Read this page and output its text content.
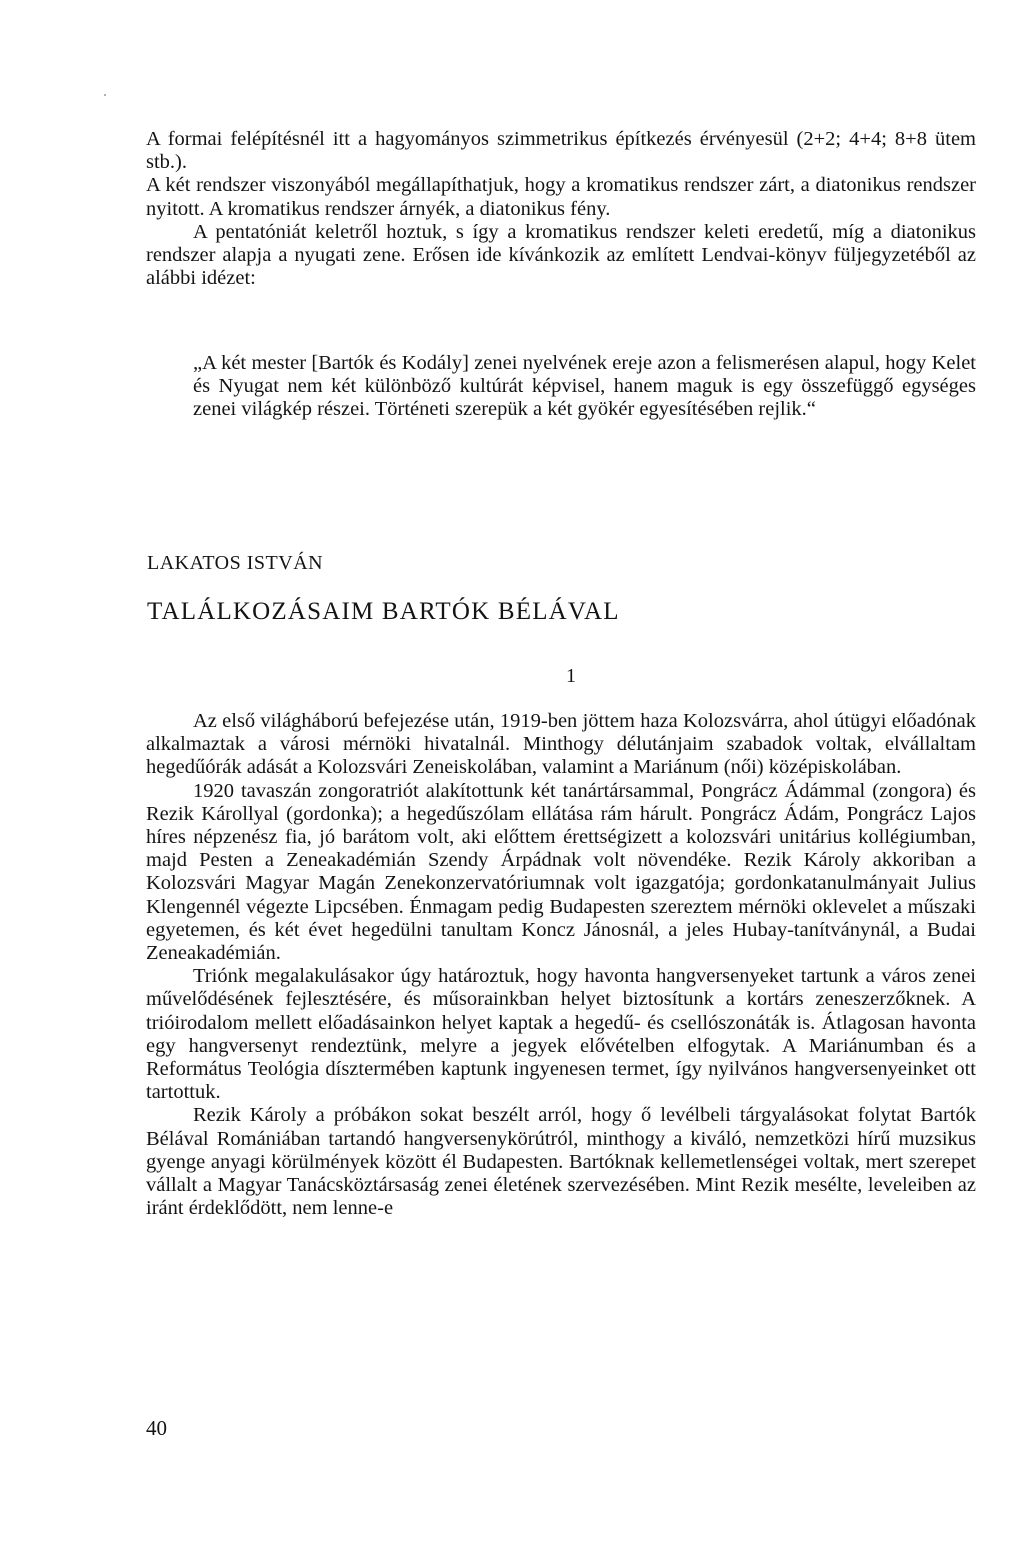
A formai felépítésnél itt a hagyományos szimmetrikus építkezés érvényesül (2+2; 4+4; 8+8 ütem stb.).

A két rendszer viszonyából megállapíthatjuk, hogy a kromatikus rendszer zárt, a diatonikus rendszer nyitott. A kromatikus rendszer árnyék, a diatonikus fény.

A pentatóniát keletről hoztuk, s így a kromatikus rendszer keleti eredetű, míg a diatonikus rendszer alapja a nyugati zene. Erősen ide kívánkozik az említett Lendvai-könyv füljegyzetéből az alábbi idézet:

„A két mester [Bartók és Kodály] zenei nyelvének ereje azon a felismerésen alapul, hogy Kelet és Nyugat nem két különböző kultúrát képvisel, hanem maguk is egy összefüggő egységes zenei világkép részei. Történeti szerepük a két gyökér egyesítésében rejlik.“

LAKATOS ISTVÁN
TALÁLKOZÁSAIM BARTÓK BÉLÁVAL
1

Az első világháború befejezése után, 1919-ben jöttem haza Kolozsvárra, ahol útügyi előadónak alkalmaztak a városi mérnöki hivatalnál. Minthogy délutánjaim szabadok voltak, elvállaltam hegedűórák adását a Kolozsvári Zeneiskolában, valamint a Mariánum (női) középiskolában.

1920 tavaszán zongoratriót alakítottunk két tanártársammal, Pongrácz Ádámmal (zongora) és Rezik Károllyal (gordonka); a hegedűszólam ellátása rám hárult. Pongrácz Ádám, Pongrácz Lajos híres népzenész fia, jó barátom volt, aki előttem érettségizett a kolozsvári unitárius kollégiumban, majd Pesten a Zeneakadémián Szendy Árpádnak volt növendéke. Rezik Károly akkoriban a Kolozsvári Magyar Magán Zenekonzervatóriumnak volt igazgatója; gordonkatanulmányait Julius Klengennél végezte Lipcsében. Énmagam pedig Budapesten szereztem mérnöki oklevelet a műszaki egyetemen, és két évet hegedülni tanultam Koncz Jánosnál, a jeles Hubay-tanítványnál, a Budai Zeneakadémián.

Triónk megalakulásakor úgy határoztuk, hogy havonta hangversenyeket tartunk a város zenei művelődésének fejlesztésére, és műsorainkban helyet biztosítunk a kortárs zeneszerzőknek. A trióirodalom mellett előadásainkon helyet kaptak a hegedű- és csellószonáták is. Átlagosan havonta egy hangversenyt rendeztünk, melyre a jegyek elővételben elfogytak. A Mariánumban és a Református Teológia dísztermében kaptunk ingyenesen termet, így nyilvános hangversenyeinket ott tartottuk.

Rezik Károly a próbákon sokat beszélt arról, hogy ő levélbeli tárgyalásokat folytat Bartók Bélával Romániában tartandó hangversenykörútról, minthogy a kiváló, nemzetközi hírű muzsikus gyenge anyagi körülmények között él Budapesten. Bartóknak kellemetlenségei voltak, mert szerepet vállalt a Magyar Tanácsköztársaság zenei életének szervezésében. Mint Rezik mesélte, leveleiben az iránt érdeklődött, nem lenne-e

40
